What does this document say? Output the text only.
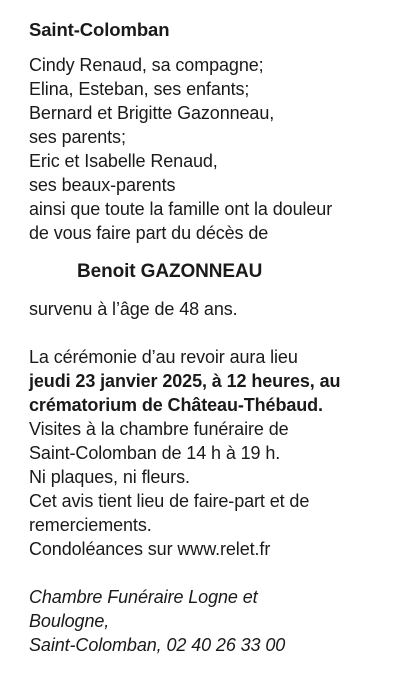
Saint-Colomban
Cindy Renaud, sa compagne;
Elina, Esteban, ses enfants;
Bernard et Brigitte Gazonneau,
ses parents;
Eric et Isabelle Renaud,
ses beaux-parents
ainsi que toute la famille ont la douleur
de vous faire part du décès de
Benoit GAZONNEAU
survenu à l’âge de 48 ans.
La cérémonie d’au revoir aura lieu
jeudi 23 janvier 2025, à 12 heures, au
crématorium de Château-Thébaud.
Visites à la chambre funéraire de
Saint-Colomban de 14 h à 19 h.
Ni plaques, ni fleurs.
Cet avis tient lieu de faire-part et de
remerciements.
Condoléances sur www.relet.fr
Chambre Funéraire Logne et
Boulogne,
Saint-Colomban, 02 40 26 33 00
